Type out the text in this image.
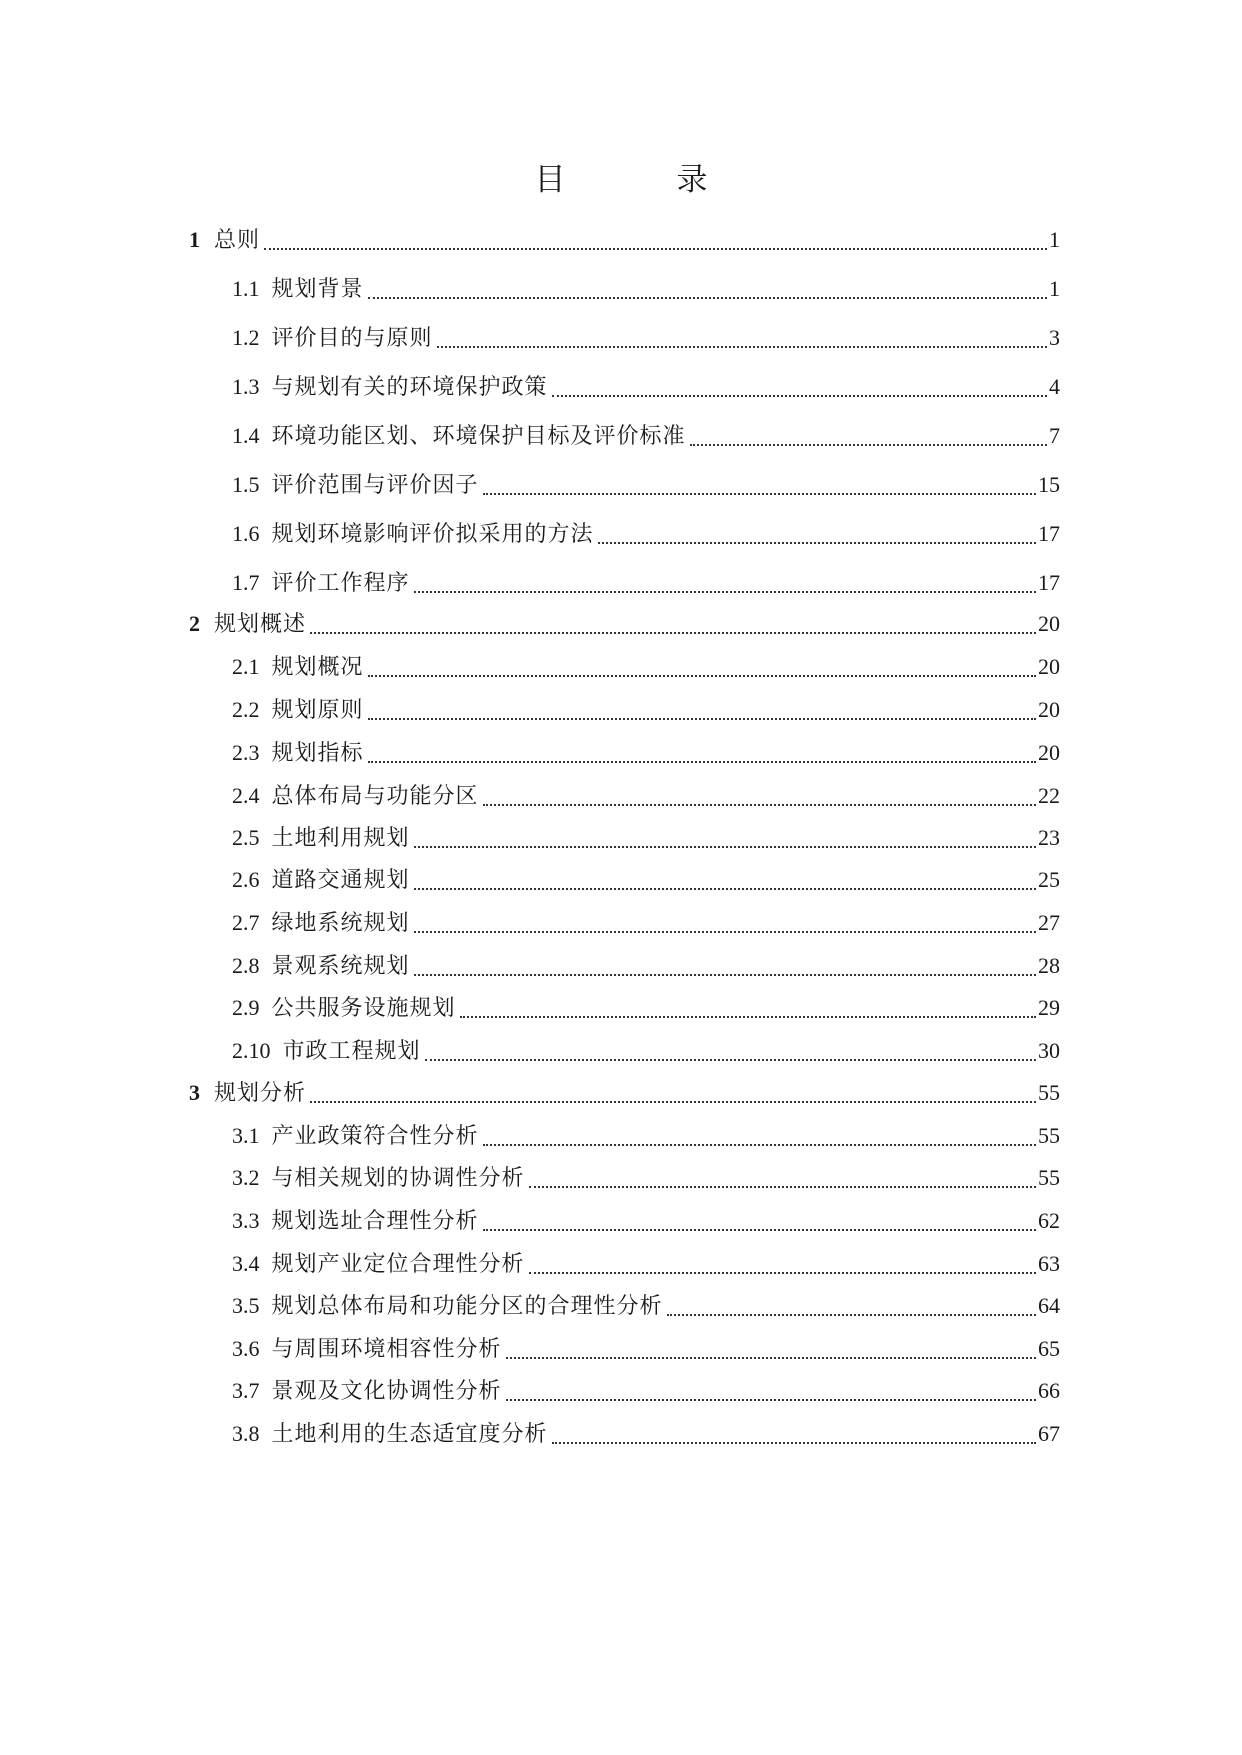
目　录
1 总则	1
1.1 规划背景	1
1.2 评价目的与原则	3
1.3 与规划有关的环境保护政策	4
1.4 环境功能区划、环境保护目标及评价标准	7
1.5 评价范围与评价因子	15
1.6 规划环境影响评价拟采用的方法	17
1.7 评价工作程序	17
2 规划概述	20
2.1 规划概况	20
2.2 规划原则	20
2.3 规划指标	20
2.4 总体布局与功能分区	22
2.5 土地利用规划	23
2.6 道路交通规划	25
2.7 绿地系统规划	27
2.8 景观系统规划	28
2.9 公共服务设施规划	29
2.10 市政工程规划	30
3 规划分析	55
3.1 产业政策符合性分析	55
3.2 与相关规划的协调性分析	55
3.3 规划选址合理性分析	62
3.4 规划产业定位合理性分析	63
3.5 规划总体布局和功能分区的合理性分析	64
3.6 与周围环境相容性分析	65
3.7 景观及文化协调性分析	66
3.8 土地利用的生态适宜度分析	67
